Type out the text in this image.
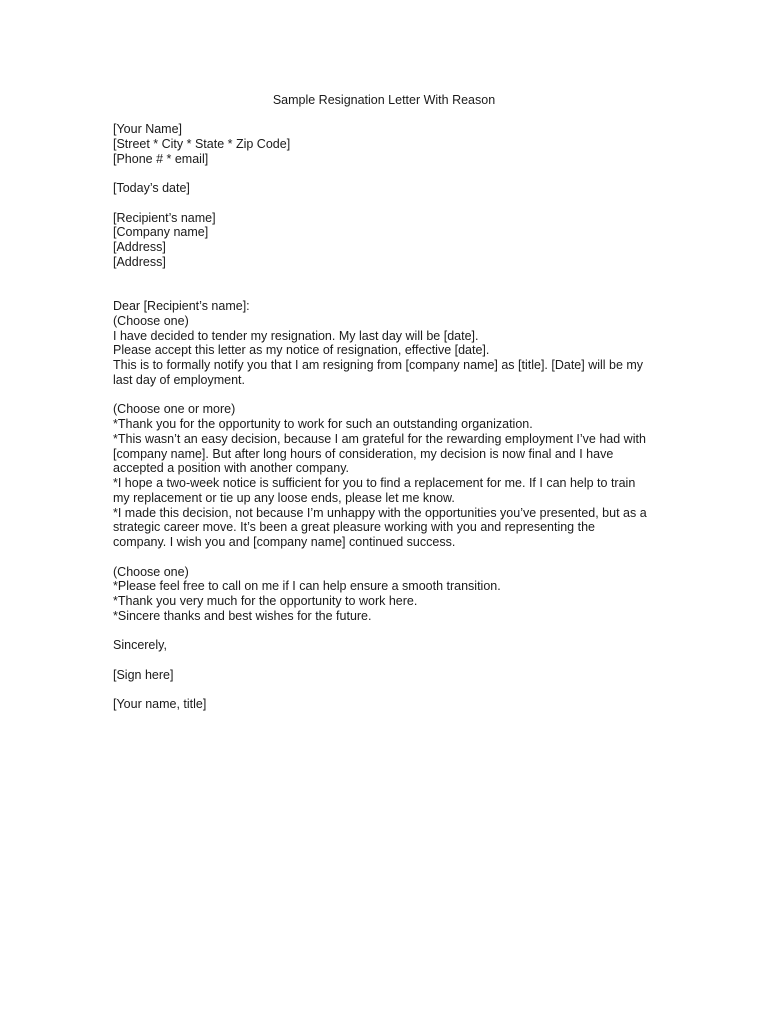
Sample Resignation Letter With Reason
[Your Name]
[Street * City * State * Zip Code]
[Phone # * email]
[Today’s date]
[Recipient’s name]
[Company name]
[Address]
[Address]
Dear [Recipient’s name]:
(Choose one)
I have decided to tender my resignation. My last day will be [date].
Please accept this letter as my notice of resignation, effective [date].
This is to formally notify you that I am resigning from [company name] as [title]. [Date] will be my
last day of employment.
(Choose one or more)
*Thank you for the opportunity to work for such an outstanding organization.
*This wasn’t an easy decision, because I am grateful for the rewarding employment I’ve had with
[company name]. But after long hours of consideration, my decision is now final and I have
accepted a position with another company.
*I hope a two-week notice is sufficient for you to find a replacement for me. If I can help to train
my replacement or tie up any loose ends, please let me know.
*I made this decision, not because I’m unhappy with the opportunities you’ve presented, but as a
strategic career move. It’s been a great pleasure working with you and representing the
company. I wish you and [company name] continued success.
(Choose one)
*Please feel free to call on me if I can help ensure a smooth transition.
*Thank you very much for the opportunity to work here.
*Sincere thanks and best wishes for the future.
Sincerely,
[Sign here]
[Your name, title]
